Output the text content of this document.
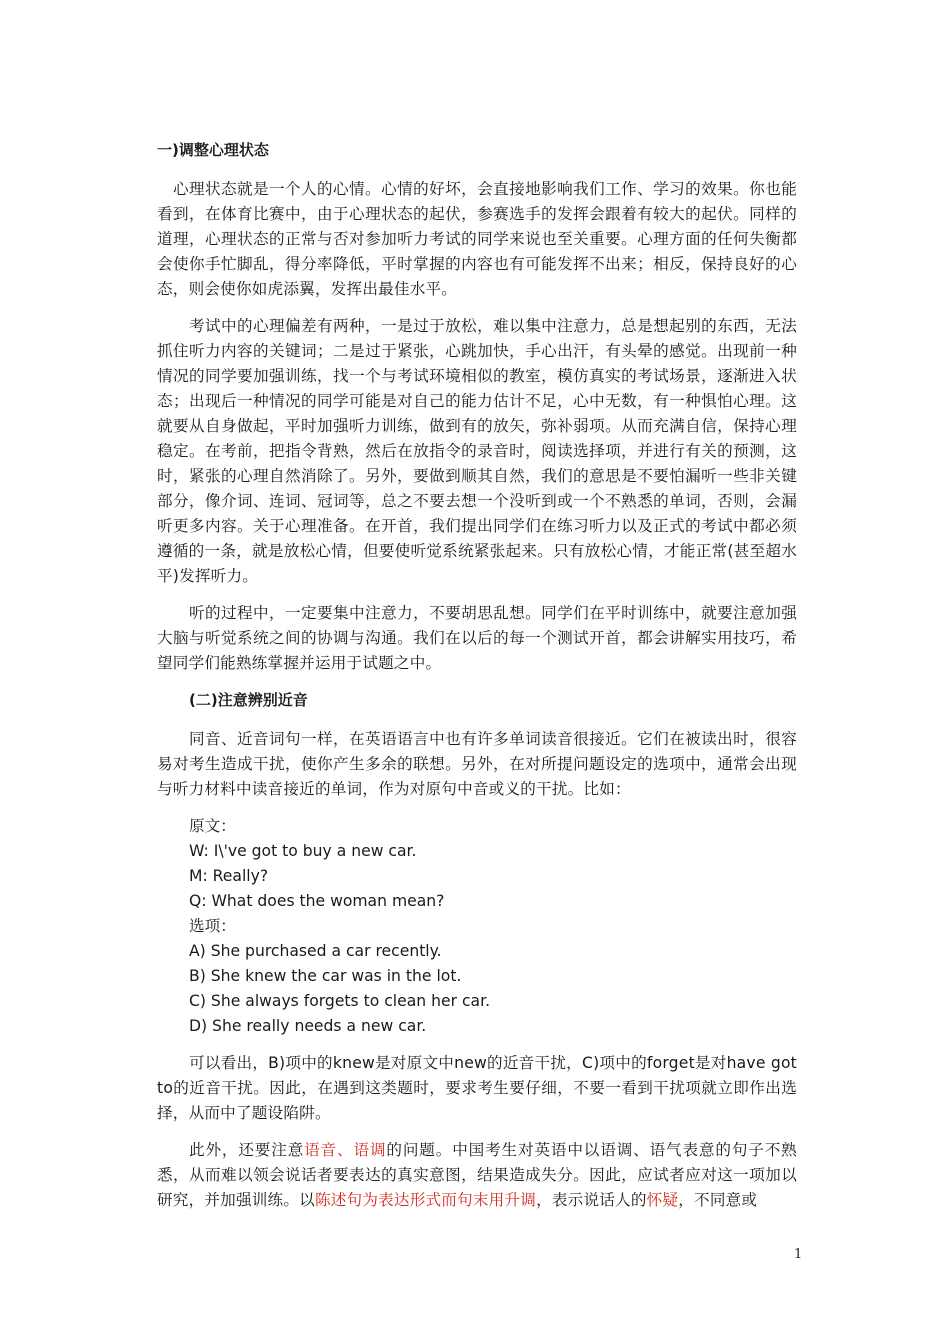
一)调整心理状态

心理状态就是一个人的心情。心情的好坏，会直接地影响我们工作、学习的效果。你也能看到，在体育比赛中，由于心理状态的起伏，参赛选手的发挥会跟着有较大的起伏。同样的道理，心理状态的正常与否对参加听力考试的同学来说也至关重要。心理方面的任何失衡都会使你手忙脚乱，得分率降低，平时掌握的内容也有可能发挥不出来；相反，保持良好的心态，则会使你如虎添翼，发挥出最佳水平。

考试中的心理偏差有两种，一是过于放松，难以集中注意力，总是想起别的东西，无法抓住听力内容的关键词；二是过于紧张，心跳加快，手心出汗，有头晕的感觉。出现前一种情况的同学要加强训练，找一个与考试环境相似的教室，模仿真实的考试场景，逐渐进入状态；出现后一种情况的同学可能是对自己的能力估计不足，心中无数，有一种惧怕心理。这就要从自身做起，平时加强听力训练，做到有的放矢，弥补弱项。从而充满自信，保持心理稳定。在考前，把指令背熟，然后在放指令的录音时，阅读选择项，并进行有关的预测，这时，紧张的心理自然消除了。另外，要做到顺其自然，我们的意思是不要怕漏听一些非关键部分，像介词、连词、冠词等，总之不要去想一个没听到或一个不熟悉的单词，否则，会漏听更多内容。关于心理准备。在开首，我们提出同学们在练习听力以及正式的考试中都必须遵循的一条，就是放松心情，但要使听觉系统紧张起来。只有放松心情，才能正常(甚至超水平)发挥听力。

听的过程中，一定要集中注意力，不要胡思乱想。同学们在平时训练中，就要注意加强大脑与听觉系统之间的协调与沟通。我们在以后的每一个测试开首，都会讲解实用技巧，希望同学们能熟练掌握并运用于试题之中。

(二)注意辨别近音

同音、近音词句一样，在英语语言中也有许多单词读音很接近。它们在被读出时，很容易对考生造成干扰，使你产生多余的联想。另外，在对所提问题设定的选项中，通常会出现与听力材料中读音接近的单词，作为对原句中音或义的干扰。比如：

原文：
W: I\'ve got to buy a new car.
M: Really?
Q: What does the woman mean?
选项：
A) She purchased a car recently.
B) She knew the car was in the lot.
C) She always forgets to clean her car.
D) She really needs a new car.

可以看出，B)项中的knew是对原文中new的近音干扰，C)项中的forget是对have got to的近音干扰。因此，在遇到这类题时，要求考生要仔细，不要一看到干扰项就立即作出选择，从而中了题设陷阱。

此外，还要注意语音、语调的问题。中国考生对英语中以语调、语气表意的句子不熟悉，从而难以领会说话者要表达的真实意图，结果造成失分。因此，应试者应对这一项加以研究，并加强训练。以陈述句为表达形式而句末用升调，表示说话人的怀疑，不同意或

1
